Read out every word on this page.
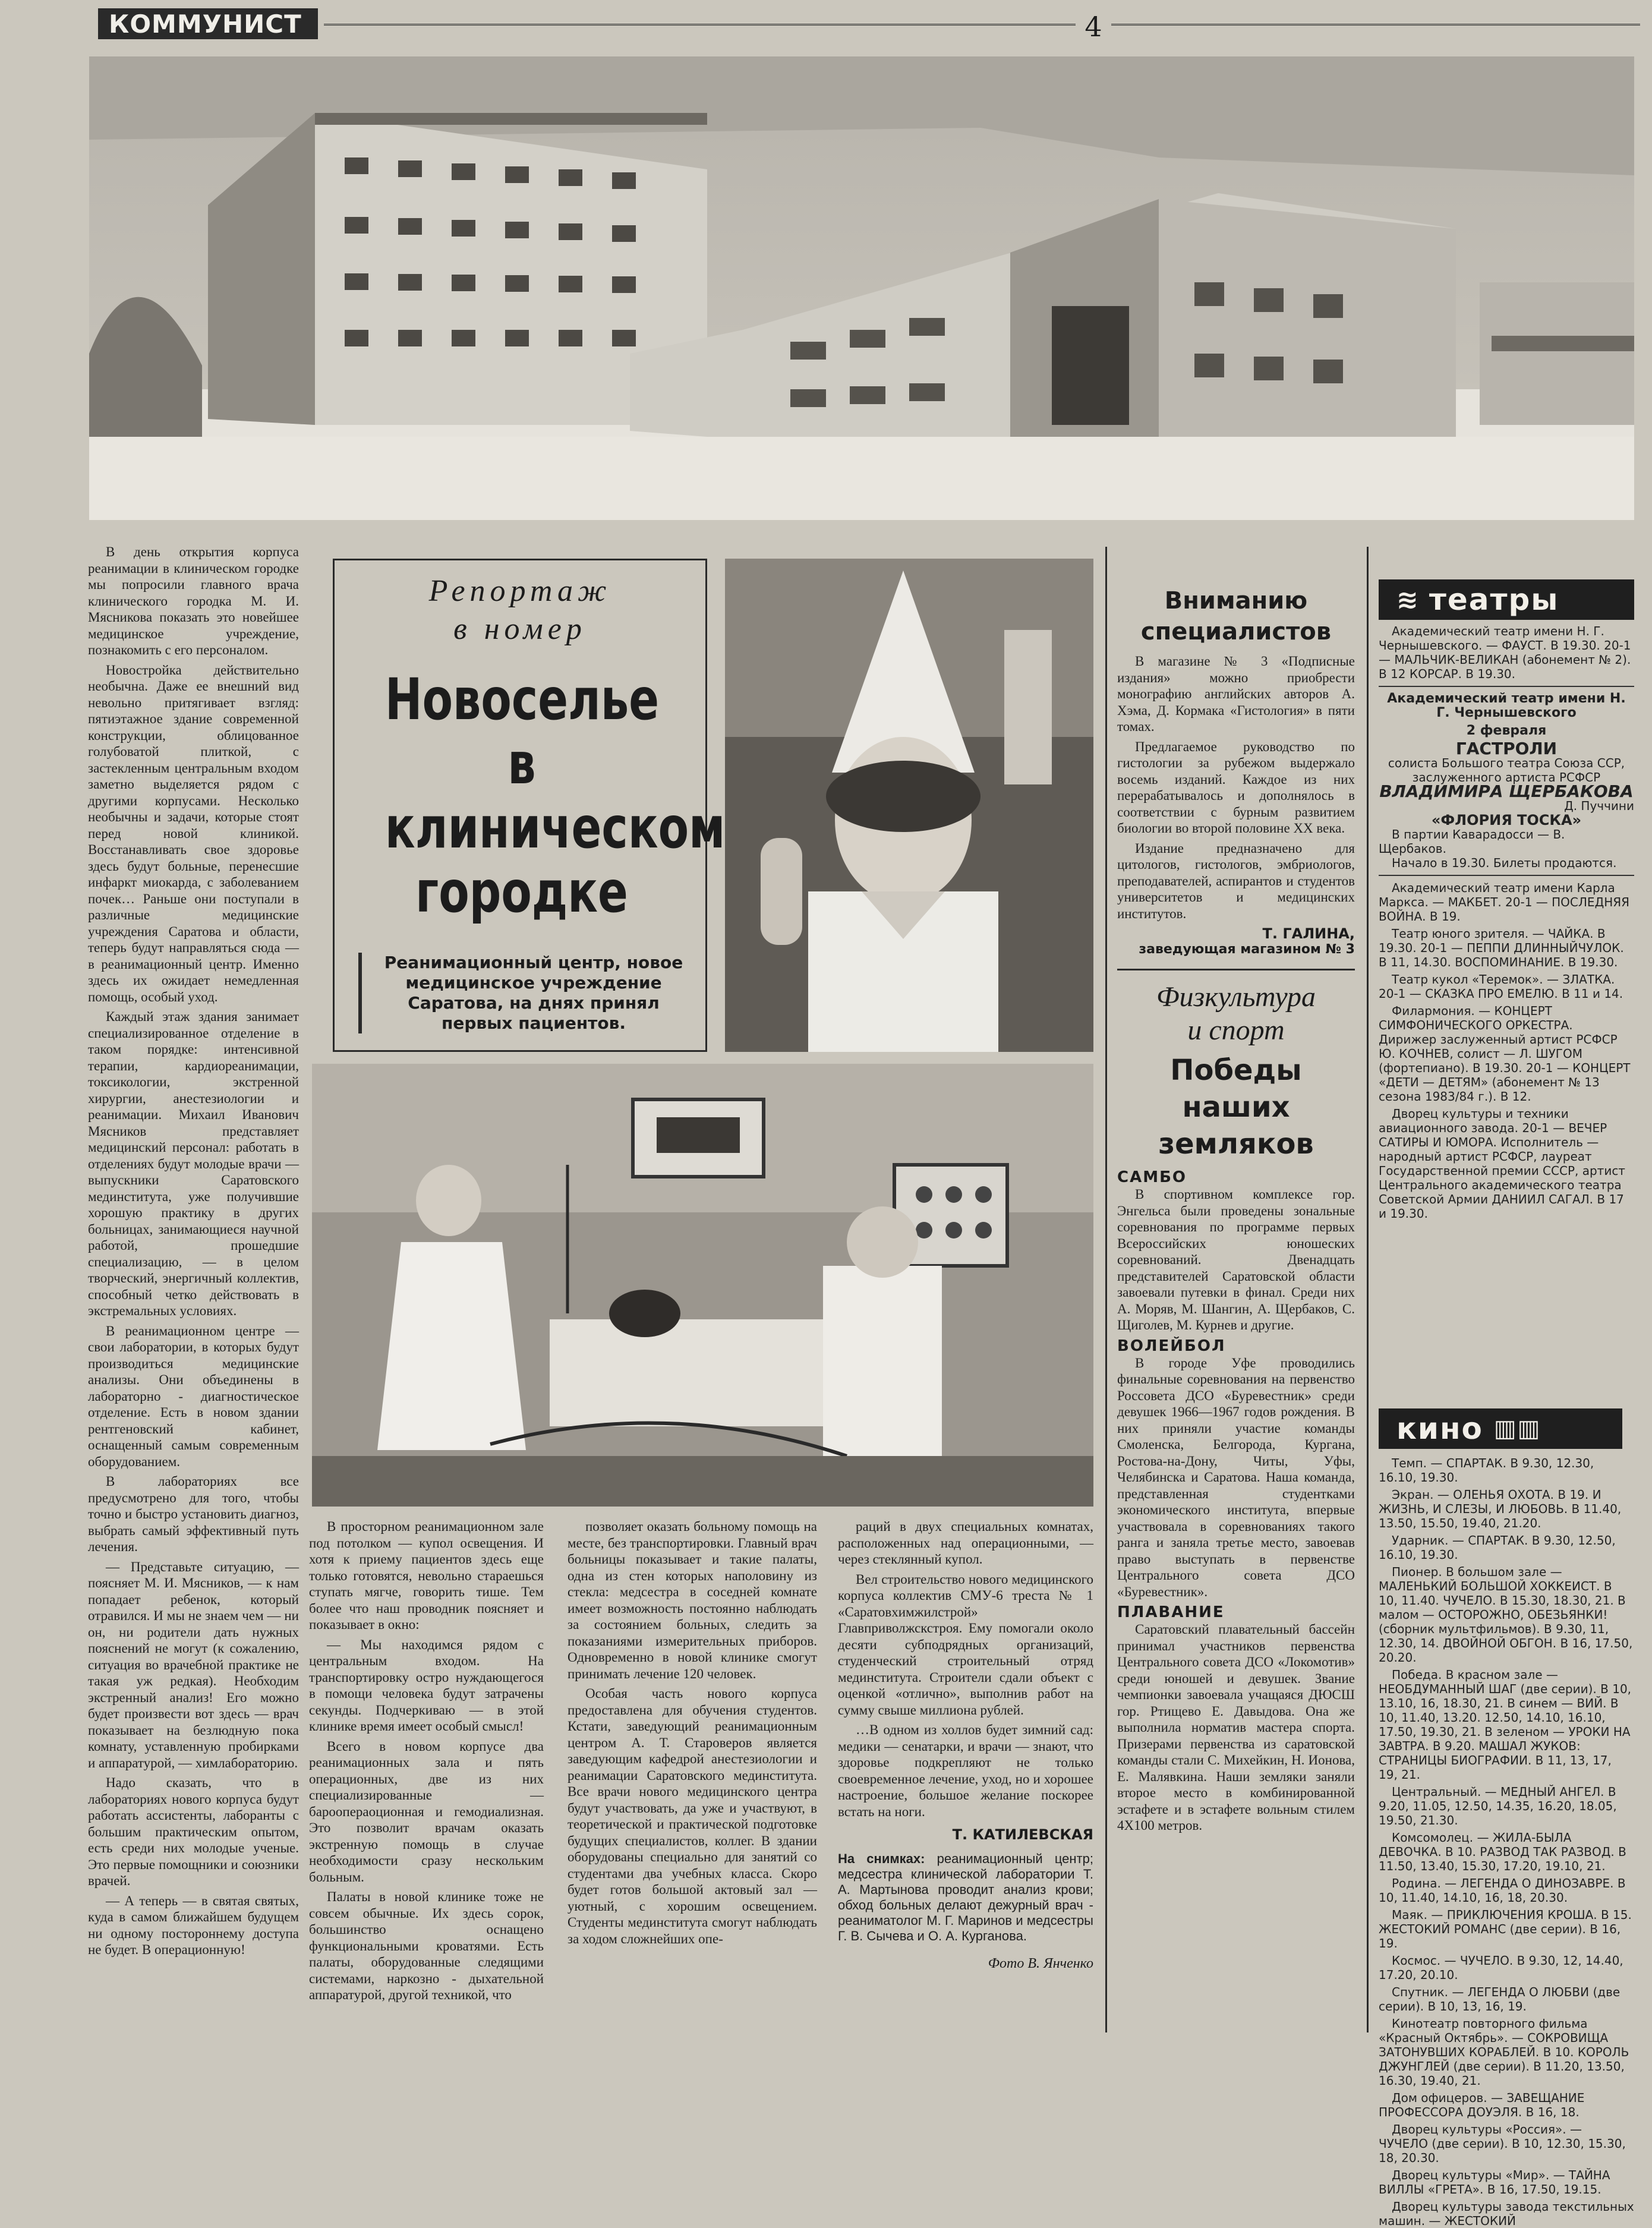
КОММУНИСТ	4

В день открытия корпуса реанимации в клиническом городке мы попросили главного врача клинического городка М. И. Мясникова показать это новейшее медицинское учреждение, познакомить с его персоналом.

Новостройка действительно необычна. Даже ее внешний вид невольно притягивает взгляд: пятиэтажное здание современной конструкции, облицованное голубоватой плиткой, с застекленным центральным входом заметно выделяется рядом с другими корпусами. Несколько необычны и задачи, которые стоят перед новой клиникой. Восстанавливать свое здоровье здесь будут больные, перенесшие инфаркт миокарда, с заболеванием почек… Раньше они поступали в различные медицинские учреждения Саратова и области, теперь будут направляться сюда — в реанимационный центр. Именно здесь их ожидает немедленная помощь, особый уход.

Каждый этаж здания занимает специализированное отделение в таком порядке: интенсивной терапии, кардиореанимации, токсикологии, экстренной хирургии, анестезиологии и реанимации. Михаил Иванович Мясников представляет медицинский персонал: работать в отделениях будут молодые врачи — выпускники Саратовского мединститута, уже получившие хорошую практику в других больницах, занимающиеся научной работой, прошедшие специализацию, — в целом творческий, энергичный коллектив, способный четко действовать в экстремальных условиях.

В реанимационном центре — свои лаборатории, в которых будут производиться медицинские анализы. Они объединены в лабораторно - диагностическое отделение. Есть в новом здании рентгеновский кабинет, оснащенный самым современным оборудованием.

В лабораториях все предусмотрено для того, чтобы точно и быстро установить диагноз, выбрать самый эффективный путь лечения.

— Представьте ситуацию, — поясняет М. И. Мясников, — к нам попадает ребенок, который отравился. И мы не знаем чем — ни он, ни родители дать нужных пояснений не могут (к сожалению, ситуация во врачебной практике не такая уж редкая). Необходим экстренный анализ! Его можно будет произвести вот здесь — врач показывает на безлюдную пока комнату, уставленную пробирками и аппаратурой, — химлабораторию.

Надо сказать, что в лабораториях нового корпуса будут работать ассистенты, лаборанты с большим практическим опытом, есть среди них молодые ученые. Это первые помощники и союзники врачей.

— А теперь — в святая святых, куда в самом ближайшем будущем ни одному постороннему доступа не будет. В операционную!

Репортаж
в номер
Новоселье в клиническом городке
Реанимационный центр, новое медицинское учреждение Саратова, на днях принял первых пациентов.

В просторном реанимационном зале под потолком — купол освещения. И хотя к приему пациентов здесь еще только готовятся, невольно стараешься ступать мягче, говорить тише. Тем более что наш проводник поясняет и показывает в окно:

— Мы находимся рядом с центральным входом. На транспортировку остро нуждающегося в помощи человека будут затрачены секунды. Подчеркиваю — в этой клинике время имеет особый смысл!

Всего в новом корпусе два реанимационных зала и пять операционных, две из них специализированные — бароопераоционная и гемодиализная. Это позволит врачам оказать экстренную помощь в случае необходимости сразу нескольким больным.

Палаты в новой клинике тоже не совсем обычные. Их здесь сорок, большинство оснащено функциональными кроватями. Есть палаты, оборудованные следящими системами, наркозно - дыхательной аппаратурой, другой техникой, что

позволяет оказать больному помощь на месте, без транспортировки. Главный врач больницы показывает и такие палаты, одна из стен которых наполовину из стекла: медсестра в соседней комнате имеет возможность постоянно наблюдать за состоянием больных, следить за показаниями измерительных приборов. Одновременно в новой клинике смогут принимать лечение 120 человек.

Особая часть нового корпуса предоставлена для обучения студентов. Кстати, заведующий реанимационным центром А. Т. Староверов является заведующим кафедрой анестезиологии и реанимации Саратовского мединститута. Все врачи нового медицинского центра будут участвовать, да уже и участвуют, в теоретической и практической подготовке будущих специалистов, коллег. В здании оборудованы специально для занятий со студентами два учебных класса. Скоро будет готов большой актовый зал — уютный, с хорошим освещением. Студенты мединститута смогут наблюдать за ходом сложнейших опе-

раций в двух специальных комнатах, расположенных над операционными, — через стеклянный купол.

Вел строительство нового медицинского корпуса коллектив СМУ-6 треста № 1 «Саратовхимжилстрой» Главприволжскстроя. Ему помогали около десяти субподрядных организаций, студенческий строительный отряд мединститута. Строители сдали объект с оценкой «отлично», выполнив работ на сумму свыше миллиона рублей.

…В одном из холлов будет зимний сад: медики — сенатарки, и врачи — знают, что здоровье подкрепляют не только своевременное лечение, уход, но и хорошее настроение, большое желание поскорее встать на ноги.

Т. КАТИЛЕВСКАЯ
На снимках: реанимационный центр; медсестра клинической лаборатории Т. А. Мартынова проводит анализ крови; обход больных делают дежурный врач - реаниматолог М. Г. Маринов и медсестры Г. В. Сычева и О. А. Курганова.
Фото В. Янченко
Вниманию специалистов

В магазине № 3 «Подписные издания» можно приобрести монографию английских авторов А. Хэма, Д. Кормака «Гистология» в пяти томах.

Предлагаемое руководство по гистологии за рубежом выдержало восемь изданий. Каждое из них перерабатывалось и дополнялось в соответствии с бурным развитием биологии во второй половине XX века.

Издание предназначено для цитологов, гистологов, эмбриологов, преподавателей, аспирантов и студентов университетов и медицинских институтов.

Т. ГАЛИНА,
заведующая магазином № 3
Физкультура
и спорт
Победы наших земляков
САМБО

В спортивном комплексе гор. Энгельса были проведены зональные соревнования по программе первых Всероссийских юношеских соревнований. Двенадцать представителей Саратовской области завоевали путевки в финал. Среди них А. Моряв, М. Шангин, А. Щербаков, С. Щиголев, М. Курнев и другие.

ВОЛЕЙБОЛ

В городе Уфе проводились финальные соревнования на первенство Россовета ДСО «Буревестник» среди девушек 1966—1967 годов рождения. В них приняли участие команды Смоленска, Белгорода, Кургана, Ростова-на-Дону, Читы, Уфы, Челябинска и Саратова. Наша команда, представленная студентками экономического института, впервые участвовала в соревнованиях такого ранга и заняла третье место, завоевав право выступать в первенстве Центрального совета ДСО «Буревестник».

ПЛАВАНИЕ

Саратовский плавательный бассейн принимал участников первенства Центрального совета ДСО «Локомотив» среди юношей и девушек. Звание чемпионки завоевала учащаяся ДЮСШ гор. Ртищево Е. Давыдова. Она же выполнила норматив мастера спорта. Призерами первенства из саратовской команды стали С. Михейкин, Н. Ионова, Е. Малявкина. Наши земляки заняли второе место в комбинированной эстафете и в эстафете вольным стилем 4Х100 метров.

≋ театры

Академический театр имени Н. Г. Чернышевского. — ФАУСТ. В 19.30. 20-1 — МАЛЬЧИК-ВЕЛИКАН (абонемент № 2). В 12 КОРСАР. В 19.30.

Академический театр имени Н. Г. Чернышевского
2 февраля
ГАСТРОЛИ
солиста Большого театра Союза ССР, заслуженного артиста РСФСР
ВЛАДИМИРА ЩЕРБАКОВА
Д. Пуччини
«ФЛОРИЯ ТОСКА»
В партии Каварадосси — В. Щербаков.
Начало в 19.30. Билеты продаются.

Академический театр имени Карла Маркса. — МАКБЕТ. 20-1 — ПОСЛЕДНЯЯ ВОЙНА. В 19.

Театр юного зрителя. — ЧАЙКА. В 19.30. 20-1 — ПЕППИ ДЛИННЫЙЧУЛОК. В 11, 14.30. ВОСПОМИНАНИЕ. В 19.30.

Театр кукол «Теремок». — ЗЛАТКА. 20-1 — СКАЗКА ПРО ЕМЕЛЮ. В 11 и 14.

Филармония. — КОНЦЕРТ СИМФОНИЧЕСКОГО ОРКЕСТРА. Дирижер заслуженный артист РСФСР Ю. КОЧНЕВ, солист — Л. ШУГОМ (фортепиано). В 19.30. 20-1 — КОНЦЕРТ «ДЕТИ — ДЕТЯМ» (абонемент № 13 сезона 1983/84 г.). В 12.

Дворец культуры и техники авиационного завода. 20-1 — ВЕЧЕР САТИРЫ И ЮМОРА. Исполнитель — народный артист РСФСР, лауреат Государственной премии СССР, артист Центрального академического театра Советской Армии ДАНИИЛ САГАЛ. В 17 и 19.30.

кино ▥▥

Темп. — СПАРТАК. В 9.30, 12.30, 16.10, 19.30.

Экран. — ОЛЕНЬЯ ОХОТА. В 19. И ЖИЗНЬ, И СЛЕЗЫ, И ЛЮБОВЬ. В 11.40, 13.50, 15.50, 19.40, 21.20.

Ударник. — СПАРТАК. В 9.30, 12.50, 16.10, 19.30.

Пионер. В большом зале — МАЛЕНЬКИЙ БОЛЬШОЙ ХОККЕИСТ. В 10, 11.40. ЧУЧЕЛО. В 15.30, 18.30, 21. В малом — ОСТОРОЖНО, ОБЕЗЬЯНКИ! (сборник мультфильмов). В 9.30, 11, 12.30, 14. ДВОЙНОЙ ОБГОН. В 16, 17.50, 20.20.

Победа. В красном зале — НЕОБДУМАННЫЙ ШАГ (две серии). В 10, 13.10, 16, 18.30, 21. В синем — ВИЙ. В 10, 11.40, 13.20. 12.50, 14.10, 16.10, 17.50, 19.30, 21. В зеленом — УРОКИ НА ЗАВТРА. В 9.20. МАШАЛ ЖУКОВ: СТРАНИЦЫ БИОГРАФИИ. В 11, 13, 17, 19, 21.

Центральный. — МЕДНЫЙ АНГЕЛ. В 9.20, 11.05, 12.50, 14.35, 16.20, 18.05, 19.50, 21.30.

Комсомолец. — ЖИЛА-БЫЛА ДЕВОЧКА. В 10. РАЗВОД ТАК РАЗВОД. В 11.50, 13.40, 15.30, 17.20, 19.10, 21.

Родина. — ЛЕГЕНДА О ДИНОЗАВРЕ. В 10, 11.40, 14.10, 16, 18, 20.30.

Маяк. — ПРИКЛЮЧЕНИЯ КРОША. В 15. ЖЕСТОКИЙ РОМАНС (две серии). В 16, 19.

Космос. — ЧУЧЕЛО. В 9.30, 12, 14.40, 17.20, 20.10.

Спутник. — ЛЕГЕНДА О ЛЮБВИ (две серии). В 10, 13, 16, 19.

Кинотеатр повторного фильма «Красный Октябрь». — СОКРОВИЩА ЗАТОНУВШИХ КОРАБЛЕЙ. В 10. КОРОЛЬ ДЖУНГЛЕЙ (две серии). В 11.20, 13.50, 16.30, 19.40, 21.

Дом офицеров. — ЗАВЕЩАНИЕ ПРОФЕССОРА ДОУЭЛЯ. В 16, 18.

Дворец культуры «Россия». — ЧУЧЕЛО (две серии). В 10, 12.30, 15.30, 18, 20.30.

Дворец культуры «Мир». — ТАЙНА ВИЛЛЫ «ГРЕТА». В 16, 17.50, 19.15.

Дворец культуры завода текстильных машин. — ЖЕСТОКИЙ
